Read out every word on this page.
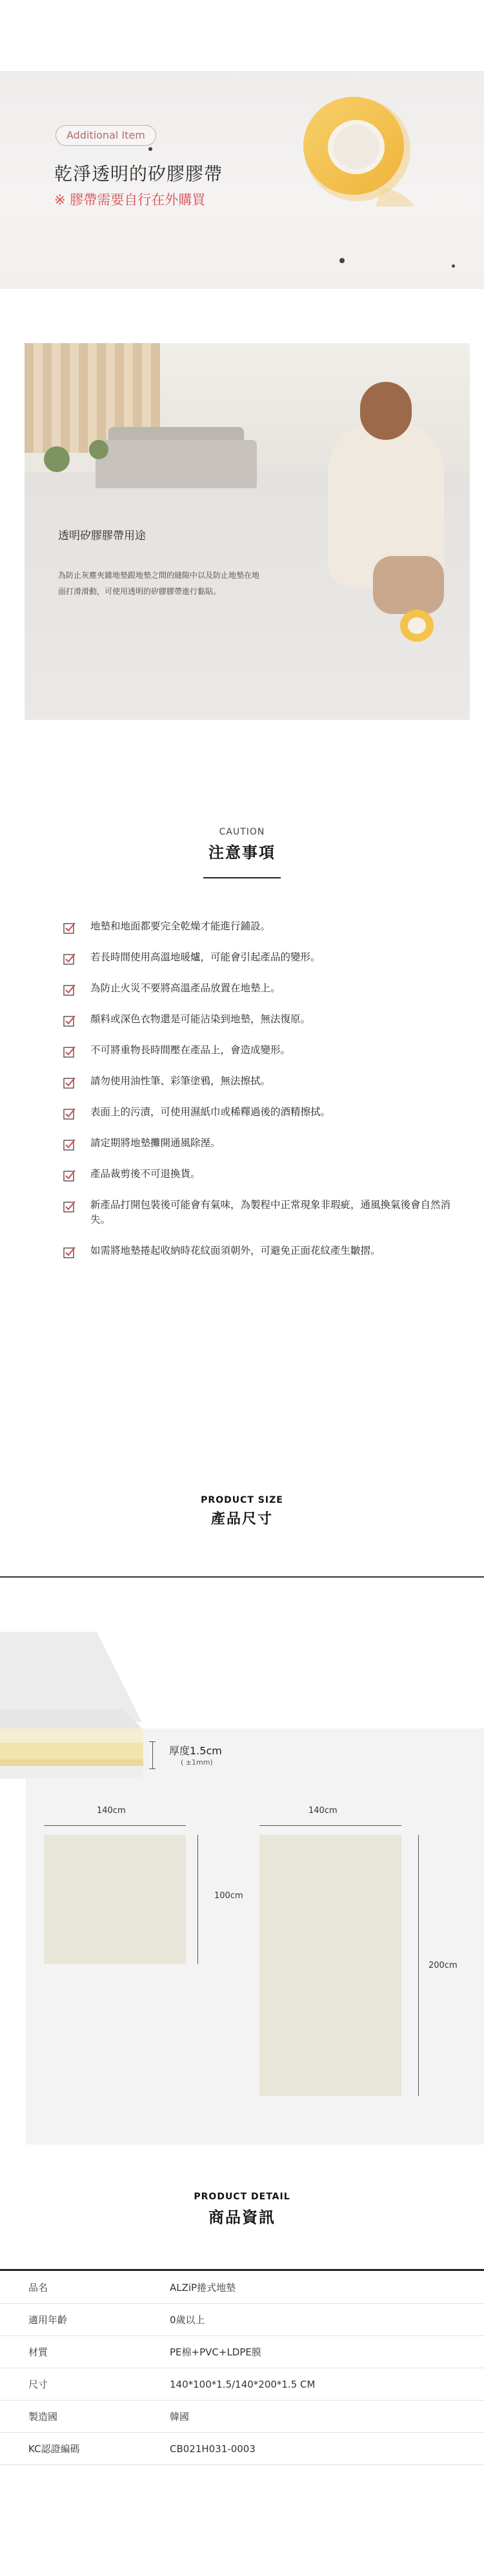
Additional Item
乾淨透明的矽膠膠帶
※ 膠帶需要自行在外購買
透明矽膠膠帶用途
為防止灰塵夾雜地墊跟地墊之間的縫隙中以及防止地墊在地面打滑滑動，可使用透明的矽膠膠帶進行黏貼。
CAUTION
注意事項
地墊和地面都要完全乾燥才能進行鋪設。
若長時間使用高溫地暖爐，可能會引起產品的變形。
為防止火災不要將高溫產品放置在地墊上。
顏料或深色衣物還是可能沾染到地墊，無法復原。
不可將重物長時間壓在產品上，會造成變形。
請勿使用油性筆、彩筆塗鴉，無法擦拭。
表面上的污漬，可使用濕紙巾或稀釋過後的酒精擦拭。
請定期將地墊攤開通風除溼。
產品裁剪後不可退換貨。
新產品打開包裝後可能會有氣味，為製程中正常現象非瑕疵，通風換氣後會自然消失。
如需將地墊捲起收納時花紋面須朝外，可避免正面花紋產生皺摺。
PRODUCT SIZE
產品尺寸
厚度1.5cm
( ±1mm)
140cm
100cm
140cm
200cm
PRODUCT DETAIL
商品資訊
品名	ALZiP捲式地墊
適用年齡	0歲以上
材質	PE棉+PVC+LDPE膜
尺寸	140*100*1.5/140*200*1.5 CM
製造國	韓國
KC認證編碼	CB021H031-0003
